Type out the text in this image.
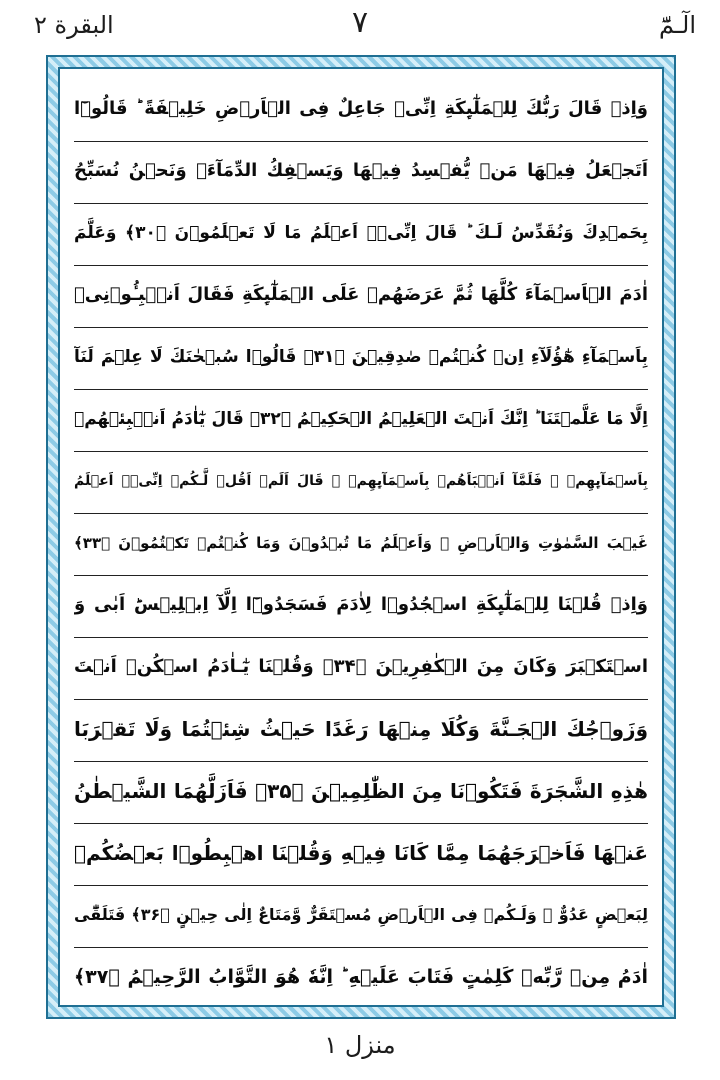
البقرة ٢	٧	الٓـمّٓ
وَاِذۡ قَالَ رَبُّكَ لِلۡمَلٰٓٮِٕكَةِ اِنِّىۡ جَاعِلٌ فِى الۡاَرۡضِ خَلِيۡفَةً ؕ قَالُوۡٓا
اَتَجۡعَلُ فِيۡهَا مَنۡ يُّفۡسِدُ فِيۡهَا وَيَسۡفِكُ الدِّمَآءَۚ وَنَحۡنُ نُسَبِّحُ
بِحَمۡدِكَ وَنُقَدِّسُ لَـكَ ؕ قَالَ اِنِّىۡۤ اَعۡلَمُ مَا لَا تَعۡلَمُوۡنَ ﴿۳۰﴾ وَعَلَّمَ
اٰدَمَ الۡاَسۡمَآءَ كُلَّهَا ثُمَّ عَرَضَهُمۡ عَلَى الۡمَلٰٓٮِٕكَةِ فَقَالَ اَنۡۢبِـُٔوۡنِىۡ
بِاَسۡمَآءِ هٰٓؤُلَآءِ اِنۡ كُنۡتُمۡ صٰدِقِيۡنَ ﴿۳۱﴾ قَالُوۡا سُبۡحٰنَكَ لَا عِلۡمَ لَنَآ
اِلَّا مَا عَلَّمۡتَنَا ؕ اِنَّكَ اَنۡتَ الۡعَلِيۡمُ الۡحَكِيۡمُ ﴿۳۲﴾ قَالَ يٰٓاٰدَمُ اَنۡۢبِئۡهُمۡ
بِاَسۡمَآٮِٕهِمۡ ۚ فَلَمَّآ اَنۡۢبَاَهُمۡ بِاَسۡمَآٮِٕهِمۡ ۙ قَالَ اَلَمۡ اَقُلۡ لَّـكُمۡ اِنِّىۡۤ اَعۡلَمُ
غَيۡبَ السَّمٰوٰتِ وَالۡاَرۡضِ ۙ وَاَعۡلَمُ مَا تُبۡدُوۡنَ وَمَا كُنۡتُمۡ تَكۡتُمُوۡنَ ﴿۳۳﴾
وَاِذۡ قُلۡنَا لِلۡمَلٰٓٮِٕكَةِ اسۡجُدُوۡا لِاٰدَمَ فَسَجَدُوۡٓا اِلَّآ اِبۡلِيۡسَؕ اَبٰى وَ
اسۡتَكۡبَرَ وَكَانَ مِنَ الۡكٰفِرِيۡنَ ﴿۳۴﴾ وَقُلۡنَا يٰٓـاٰدَمُ اسۡكُنۡ اَنۡتَ
وَزَوۡجُكَ الۡجَـنَّةَ وَكُلَا مِنۡهَا رَغَدًا حَيۡثُ شِئۡتُمَا وَلَا تَقۡرَبَا
هٰذِهِ الشَّجَرَةَ فَتَكُوۡنَا مِنَ الظّٰلِمِيۡنَ ﴿۳۵﴾ فَاَزَلَّهُمَا الشَّيۡطٰنُ
عَنۡهَا فَاَخۡرَجَهُمَا مِمَّا كَانَا فِيۡهِ وَقُلۡنَا اهۡبِطُوۡا بَعۡضُكُمۡ
لِبَعۡضٍ عَدُوٌّ ۚ وَلَـكُمۡ فِى الۡاَرۡضِ مُسۡتَقَرٌّ وَّمَتَاعٌ اِلٰى حِيۡنٍ ﴿۳۶﴾ فَتَلَقّٰٓى
اٰدَمُ مِنۡ رَّبِّهٖ كَلِمٰتٍ فَتَابَ عَلَيۡهِ ؕ اِنَّهٗ هُوَ التَّوَّابُ الرَّحِيۡمُ ﴿۳۷﴾
منزل ١
